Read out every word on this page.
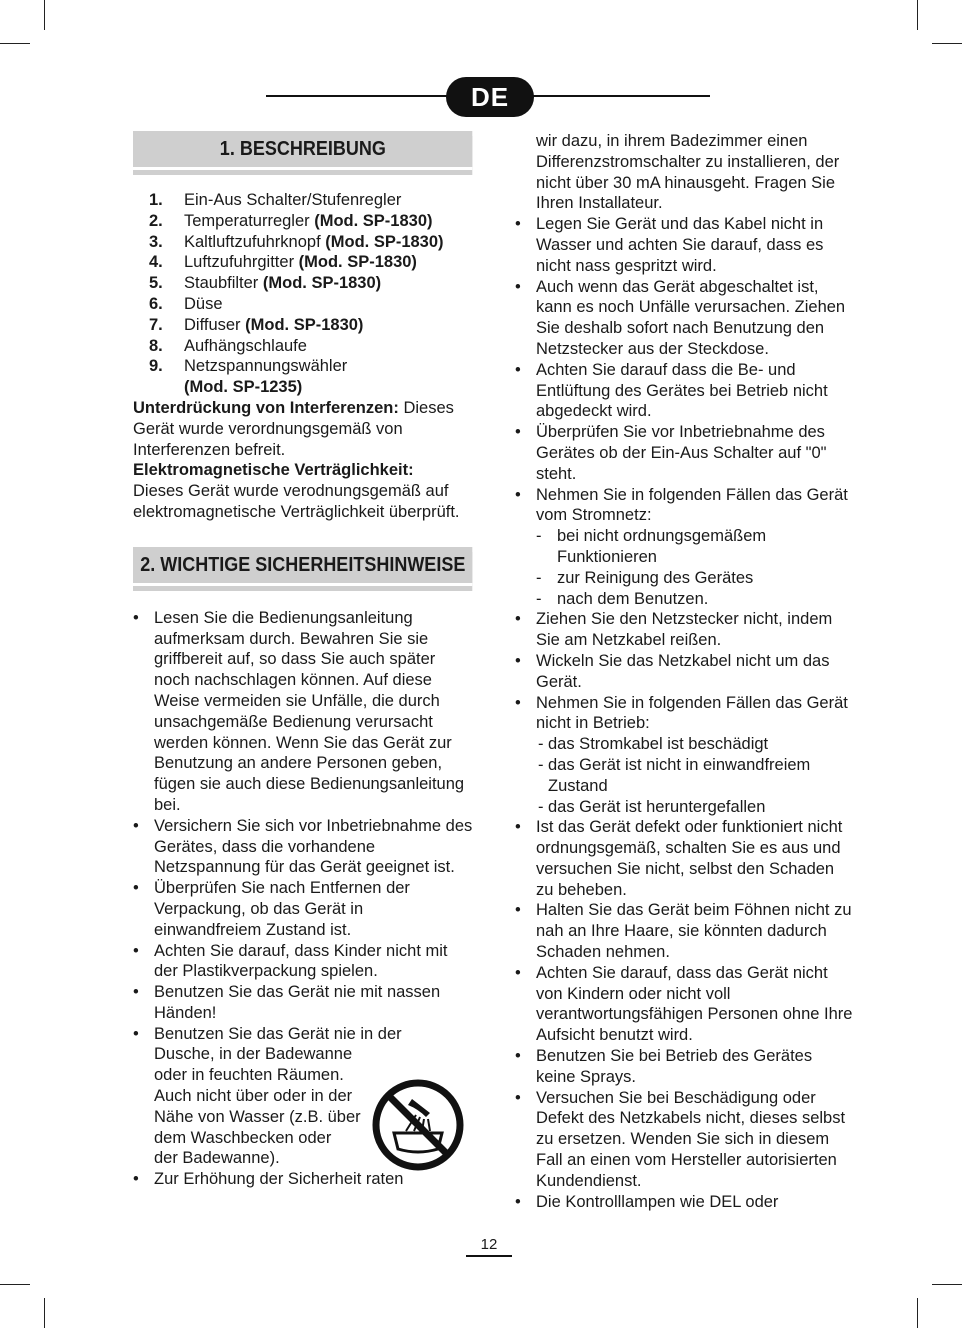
DE
1. BESCHREIBUNG
1.	Ein-Aus Schalter/Stufenregler
2.	Temperaturregler (Mod. SP-1830)
3.	Kaltluftzufuhrknopf (Mod. SP-1830)
4.	Luftzufuhrgitter (Mod. SP-1830)
5.	Staubfilter (Mod. SP-1830)
6.	Düse
7.	Diffuser (Mod. SP-1830)
8.	Aufhängschlaufe
9.	Netzspannungswähler
(Mod. SP-1235)

Unterdrückung von Interferenzen: Dieses Gerät wurde verordnungsgemäß von Interferenzen befreit.

Elektromagnetische Verträglichkeit:
Dieses Gerät wurde verodnungsgemäß auf elektromagnetische Verträglichkeit überprüft.

2. WICHTIGE SICHERHEITSHINWEISE
• Lesen Sie die Bedienungsanleitung aufmerksam durch. Bewahren Sie sie griffbereit auf, so dass Sie auch später noch nachschlagen können. Auf diese Weise vermeiden sie Unfälle, die durch unsachgemäße Bedienung verursacht werden können. Wenn Sie das Gerät zur Benutzung an andere Personen geben, fügen sie auch diese Bedienungsanleitung bei.
• Versichern Sie sich vor Inbetriebnahme des Gerätes, dass die vorhandene Netzspannung für das Gerät geeignet ist.
• Überprüfen Sie nach Entfernen der Verpackung, ob das Gerät in einwandfreiem Zustand ist.
• Achten Sie darauf, dass Kinder nicht mit der Plastikverpackung spielen.
• Benutzen Sie das Gerät nie mit nassen Händen!
• Benutzen Sie das Gerät nie in der
Dusche, in der Badewanne
oder in feuchten Räumen.
Auch nicht über oder in der
Nähe von Wasser (z.B. über
dem Waschbecken oder
der Badewanne).
• Zur Erhöhung der Sicherheit raten

wir dazu, in ihrem Badezimmer einen Differenzstromschalter zu installieren, der nicht über 30 mA hinausgeht. Fragen Sie Ihren Installateur.

• Legen Sie Gerät und das Kabel nicht in Wasser und achten Sie darauf, dass es nicht nass gespritzt wird.
• Auch wenn das Gerät abgeschaltet ist, kann es noch Unfälle verursachen. Ziehen Sie deshalb sofort nach Benutzung den Netzstecker aus der Steckdose.
• Achten Sie darauf dass die Be- und Entlüftung des Gerätes bei Betrieb nicht abgedeckt wird.
• Überprüfen Sie vor Inbetriebnahme des Gerätes ob der Ein-Aus Schalter auf "0" steht.
• Nehmen Sie in folgenden Fällen das Gerät vom Stromnetz:
- bei nicht ordnungsgemäßem Funktionieren
- zur Reinigung des Gerätes
- nach dem Benutzen.
• Ziehen Sie den Netzstecker nicht, indem Sie am Netzkabel reißen.
• Wickeln Sie das Netzkabel nicht um das Gerät.
• Nehmen Sie in folgenden Fällen das Gerät nicht in Betrieb:
- das Stromkabel ist beschädigt
- das Gerät ist nicht in einwandfreiem Zustand
- das Gerät ist heruntergefallen
• Ist das Gerät defekt oder funktioniert nicht ordnungsgemäß, schalten Sie es aus und versuchen Sie nicht, selbst den Schaden zu beheben.
• Halten Sie das Gerät beim Föhnen nicht zu nah an Ihre Haare, sie könnten dadurch Schaden nehmen.
• Achten Sie darauf, dass das Gerät nicht von Kindern oder nicht voll verantwortungsfähigen Personen ohne Ihre Aufsicht benutzt wird.
• Benutzen Sie bei Betrieb des Gerätes keine Sprays.
• Versuchen Sie bei Beschädigung oder Defekt des Netzkabels nicht, dieses selbst zu ersetzen. Wenden Sie sich in diesem Fall an einen vom Hersteller autorisierten Kundendienst.
• Die Kontrolllampen wie DEL oder
12
